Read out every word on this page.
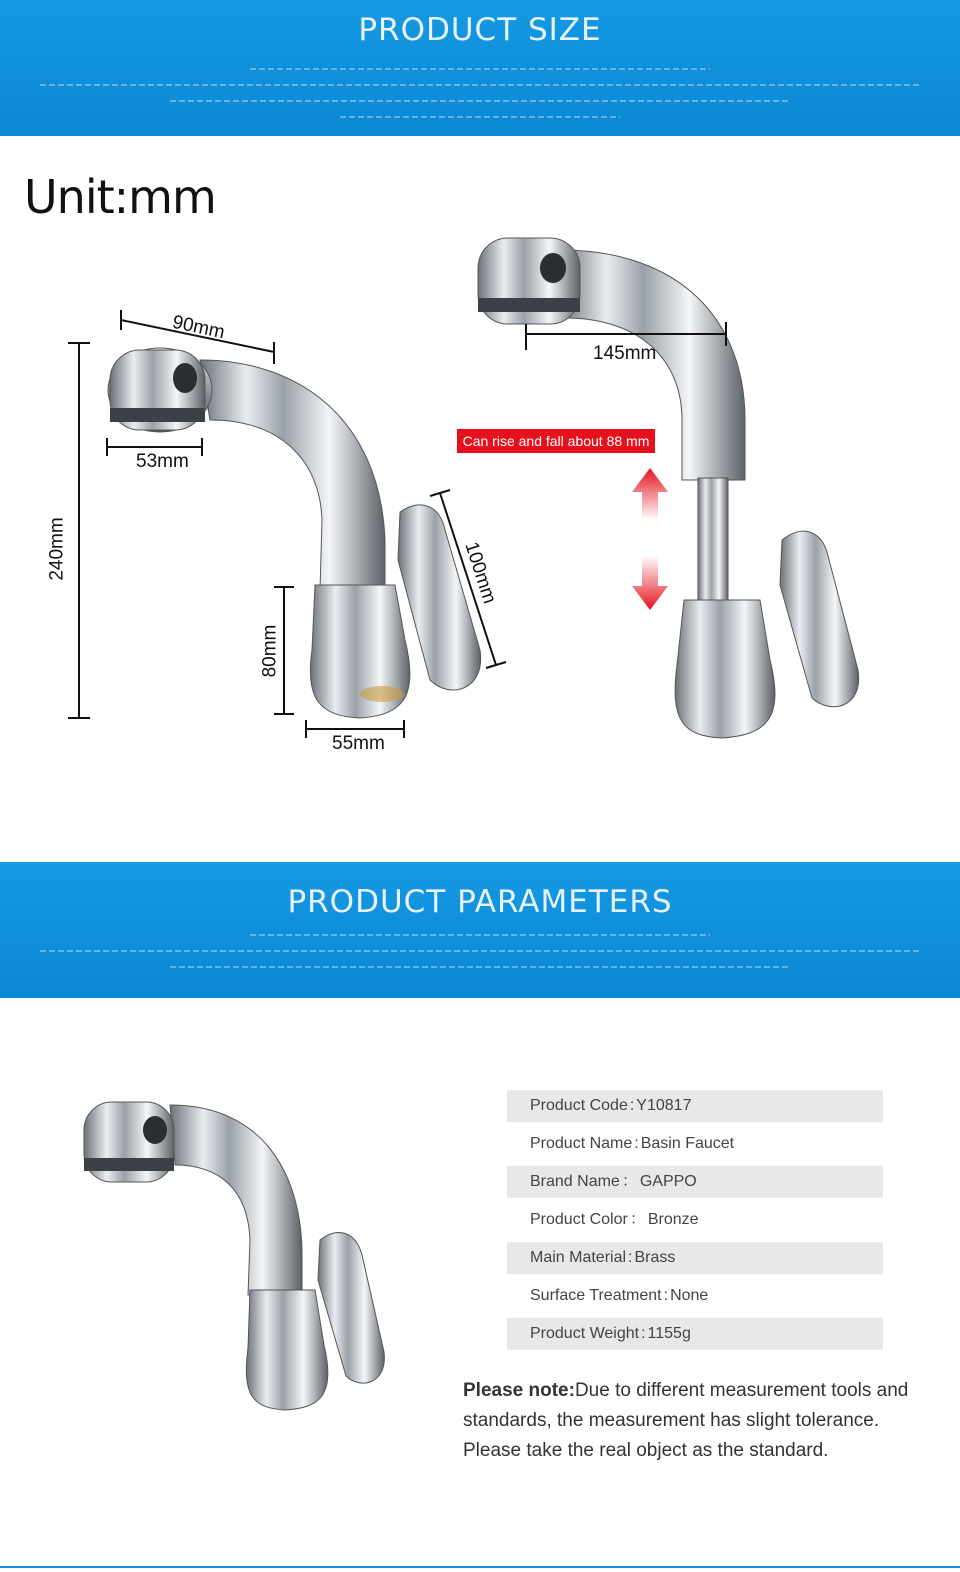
PRODUCT SIZE
Unit:mm
90mm
53mm
240mm
80mm
55mm
100mm
145mm
Can rise and fall about 88 mm
PRODUCT PARAMETERS
Product Code : Y10817
Product Name : Basin Faucet
Brand Name ： GAPPO
Product Color ： Bronze
Main Material : Brass
Surface Treatment : None
Product Weight : 1155g
Please note:Due to different measurement tools and standards, the measurement has slight tolerance. Please take the real object as the standard.
